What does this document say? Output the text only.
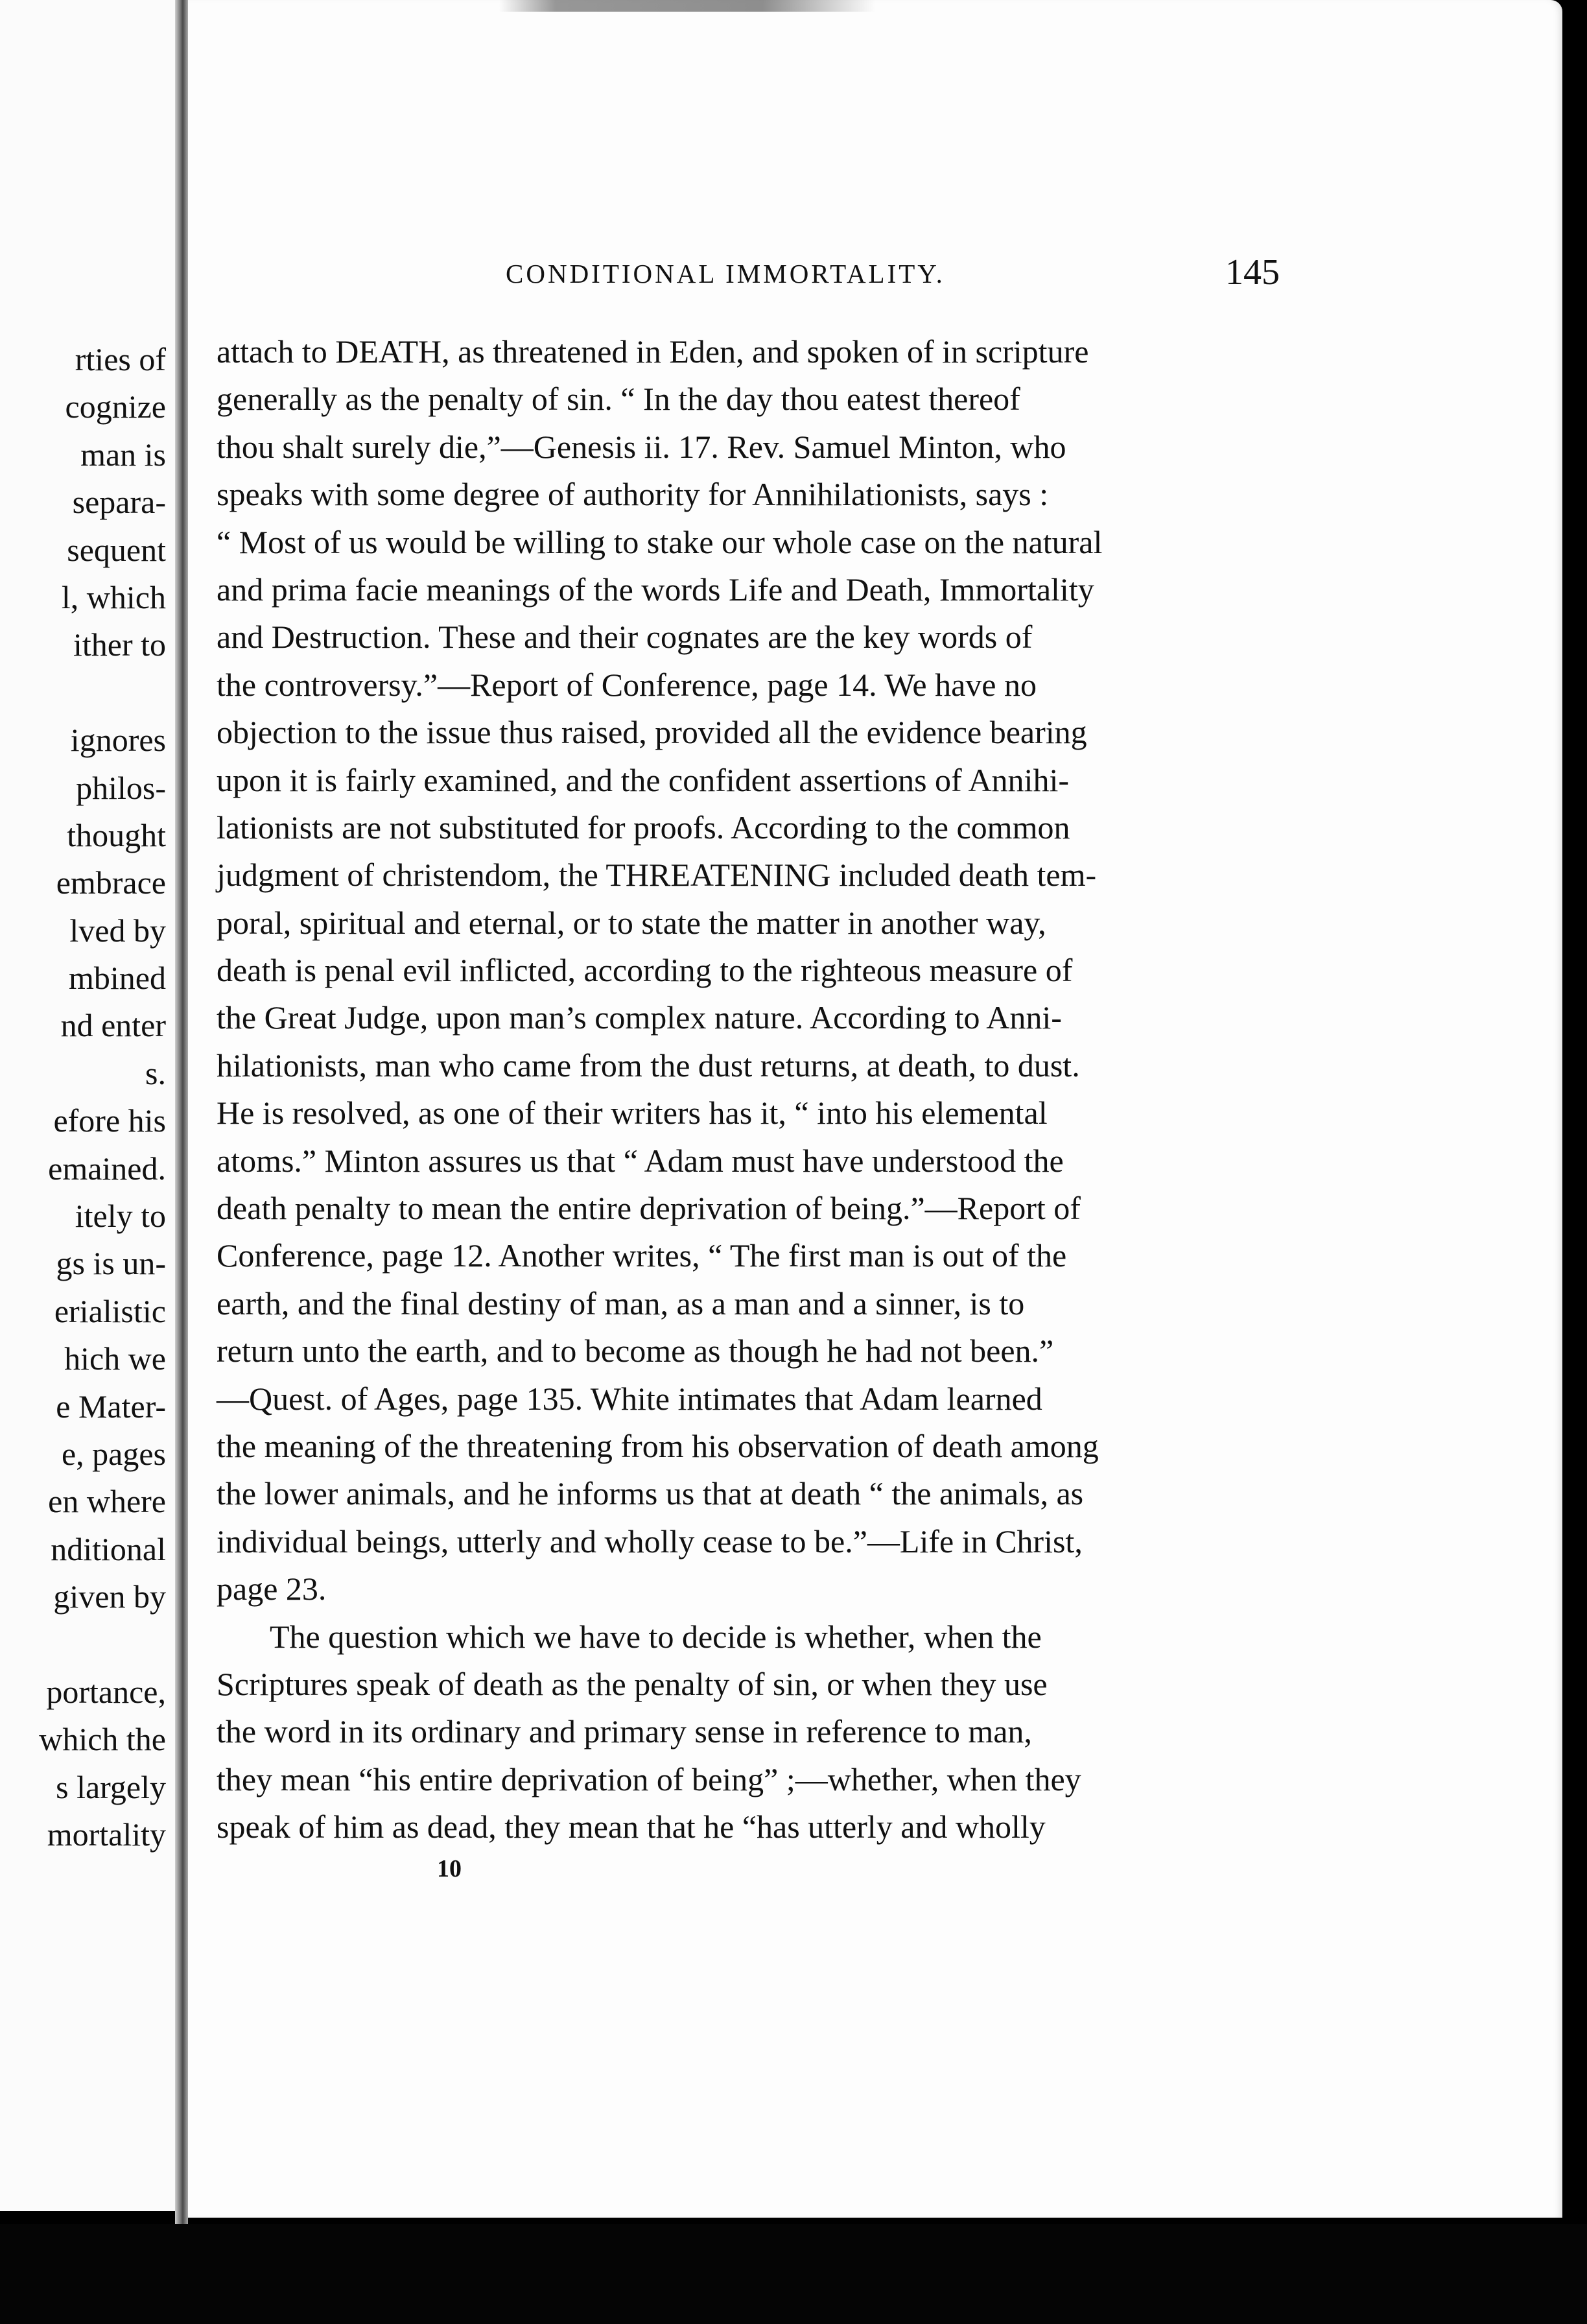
rties of
cognize
man is
separa-
sequent
l, which
ither to
ignores
philos-
thought
embrace
lved by
mbined
nd enter
s.
efore his
emained.
itely to
gs is un-
erialistic
hich we
e Mater-
e, pages
en where
nditional
given by
portance,
which the
s largely
mortality
CONDITIONAL IMMORTALITY.	145
attach to DEATH, as threatened in Eden, and spoken of in scripture
generally as the penalty of sin. “ In the day thou eatest thereof
thou shalt surely die,”—Genesis ii. 17. Rev. Samuel Minton, who
speaks with some degree of authority for Annihilationists, says :
“ Most of us would be willing to stake our whole case on the natural
and prima facie meanings of the words Life and Death, Immortality
and Destruction. These and their cognates are the key words of
the controversy.”—Report of Conference, page 14. We have no
objection to the issue thus raised, provided all the evidence bearing
upon it is fairly examined, and the confident assertions of Annihi-
lationists are not substituted for proofs. According to the common
judgment of christendom, the THREATENING included death tem-
poral, spiritual and eternal, or to state the matter in another way,
death is penal evil inflicted, according to the righteous measure of
the Great Judge, upon man’s complex nature. According to Anni-
hilationists, man who came from the dust returns, at death, to dust.
He is resolved, as one of their writers has it, “ into his elemental
atoms.” Minton assures us that “ Adam must have understood the
death penalty to mean the entire deprivation of being.”—Report of
Conference, page 12. Another writes, “ The first man is out of the
earth, and the final destiny of man, as a man and a sinner, is to
return unto the earth, and to become as though he had not been.”
—Quest. of Ages, page 135. White intimates that Adam learned
the meaning of the threatening from his observation of death among
the lower animals, and he informs us that at death “ the animals, as
individual beings, utterly and wholly cease to be.”—Life in Christ,
page 23.
The question which we have to decide is whether, when the
Scriptures speak of death as the penalty of sin, or when they use
the word in its ordinary and primary sense in reference to man,
they mean “his entire deprivation of being” ;—whether, when they
speak of him as dead, they mean that he “has utterly and wholly
10
